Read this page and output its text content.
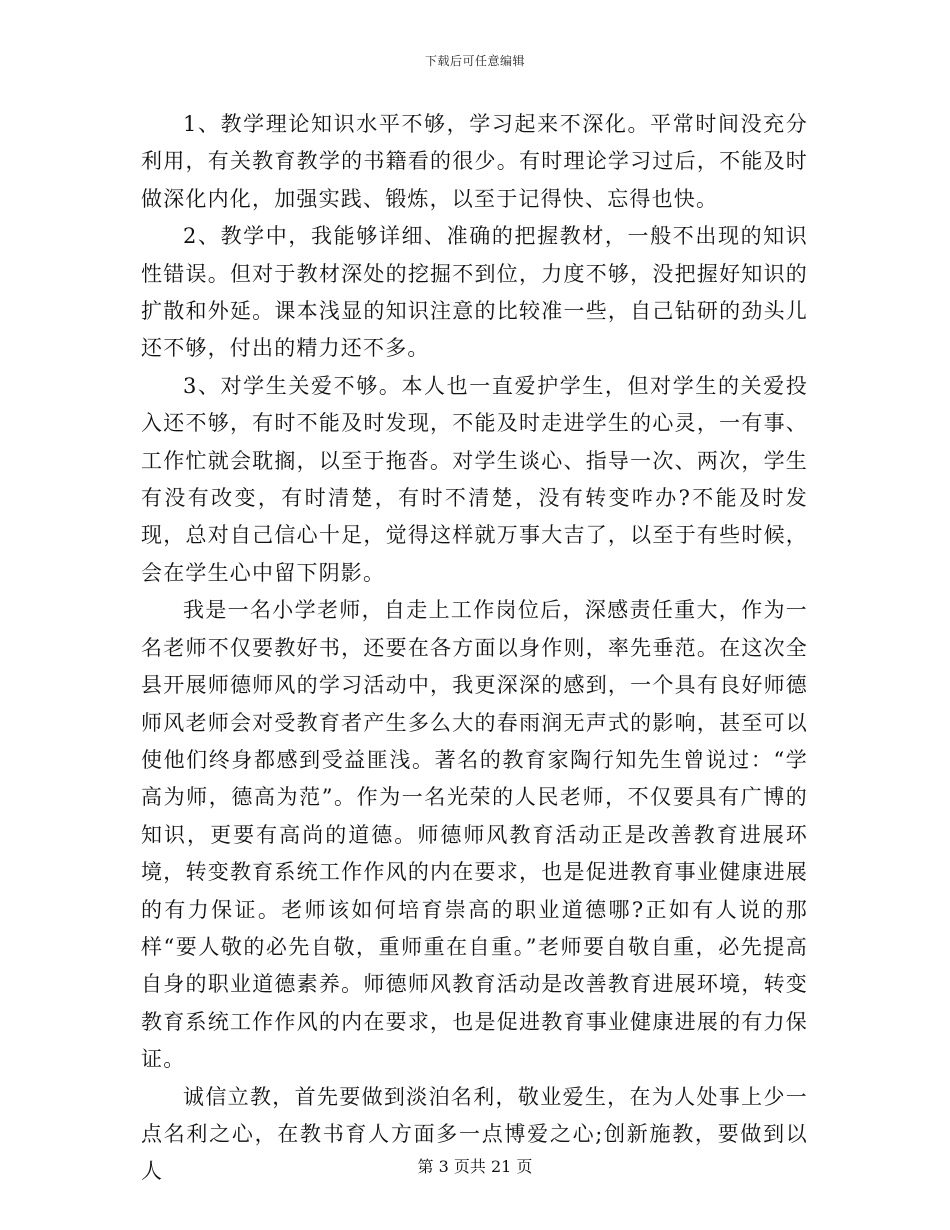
下载后可任意编辑

1、教学理论知识水平不够，学习起来不深化。平常时间没充分利用，有关教育教学的书籍看的很少。有时理论学习过后，不能及时做深化内化，加强实践、锻炼，以至于记得快、忘得也快。

2、教学中，我能够详细、准确的把握教材，一般不出现的知识性错误。但对于教材深处的挖掘不到位，力度不够，没把握好知识的扩散和外延。课本浅显的知识注意的比较准一些，自己钻研的劲头儿还不够，付出的精力还不多。

3、对学生关爱不够。本人也一直爱护学生，但对学生的关爱投入还不够，有时不能及时发现，不能及时走进学生的心灵，一有事、工作忙就会耽搁，以至于拖沓。对学生谈心、指导一次、两次，学生有没有改变，有时清楚，有时不清楚，没有转变咋办?不能及时发现，总对自己信心十足，觉得这样就万事大吉了，以至于有些时候，会在学生心中留下阴影。

我是一名小学老师，自走上工作岗位后，深感责任重大，作为一名老师不仅要教好书，还要在各方面以身作则，率先垂范。在这次全县开展师德师风的学习活动中，我更深深的感到，一个具有良好师德师风老师会对受教育者产生多么大的春雨润无声式的影响，甚至可以使他们终身都感到受益匪浅。著名的教育家陶行知先生曾说过：“学高为师，德高为范”。作为一名光荣的人民老师，不仅要具有广博的知识，更要有高尚的道德。师德师风教育活动正是改善教育进展环境，转变教育系统工作作风的内在要求，也是促进教育事业健康进展的有力保证。老师该如何培育崇高的职业道德哪?正如有人说的那样“要人敬的必先自敬，重师重在自重。”老师要自敬自重，必先提高自身的职业道德素养。师德师风教育活动是改善教育进展环境，转变教育系统工作作风的内在要求，也是促进教育事业健康进展的有力保证。

诚信立教，首先要做到淡泊名利，敬业爱生，在为人处事上少一点名利之心，在教书育人方面多一点博爱之心;创新施教，要做到以人	第 3 页共 21 页
